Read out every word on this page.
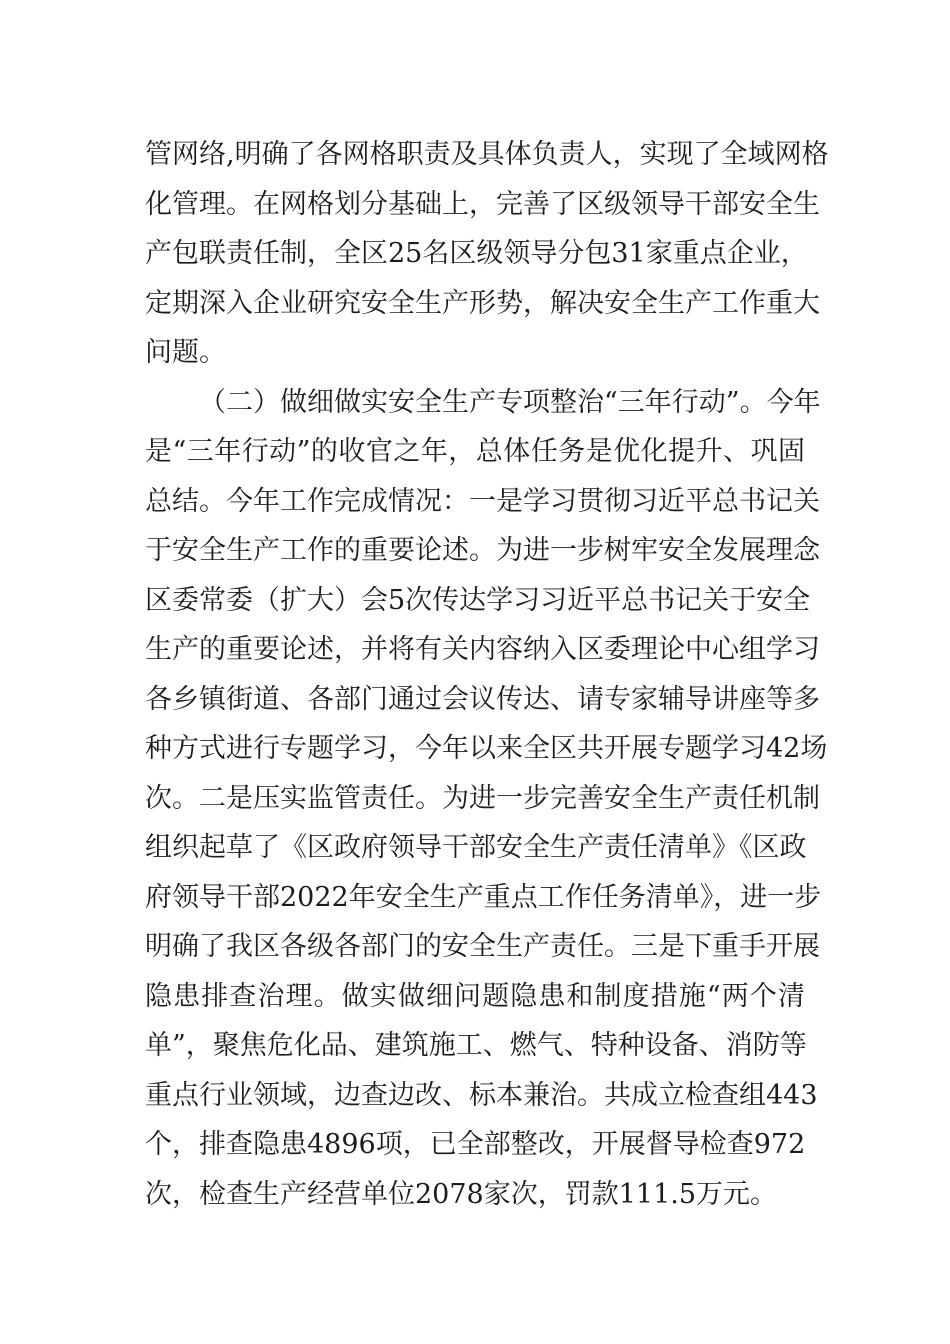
管网络,明确了各网格职责及具体负责人，实现了全域网格
化管理。在网格划分基础上，完善了区级领导干部安全生
产包联责任制，全区25名区级领导分包31家重点企业，
定期深入企业研究安全生产形势，解决安全生产工作重大
问题。
（二）做细做实安全生产专项整治“三年行动”。今年
是“三年行动”的收官之年，总体任务是优化提升、巩固
总结。今年工作完成情况：一是学习贯彻习近平总书记关
于安全生产工作的重要论述。为进一步树牢安全发展理念
区委常委（扩大）会5次传达学习习近平总书记关于安全
生产的重要论述，并将有关内容纳入区委理论中心组学习
各乡镇街道、各部门通过会议传达、请专家辅导讲座等多
种方式进行专题学习，今年以来全区共开展专题学习42场
次。二是压实监管责任。为进一步完善安全生产责任机制
组织起草了《区政府领导干部安全生产责任清单》《区政
府领导干部2022年安全生产重点工作任务清单》，进一步
明确了我区各级各部门的安全生产责任。三是下重手开展
隐患排查治理。做实做细问题隐患和制度措施“两个清
单”，聚焦危化品、建筑施工、燃气、特种设备、消防等
重点行业领域，边查边改、标本兼治。共成立检查组443
个，排查隐患4896项，已全部整改，开展督导检查972
次，检查生产经营单位2078家次，罚款111.5万元。
